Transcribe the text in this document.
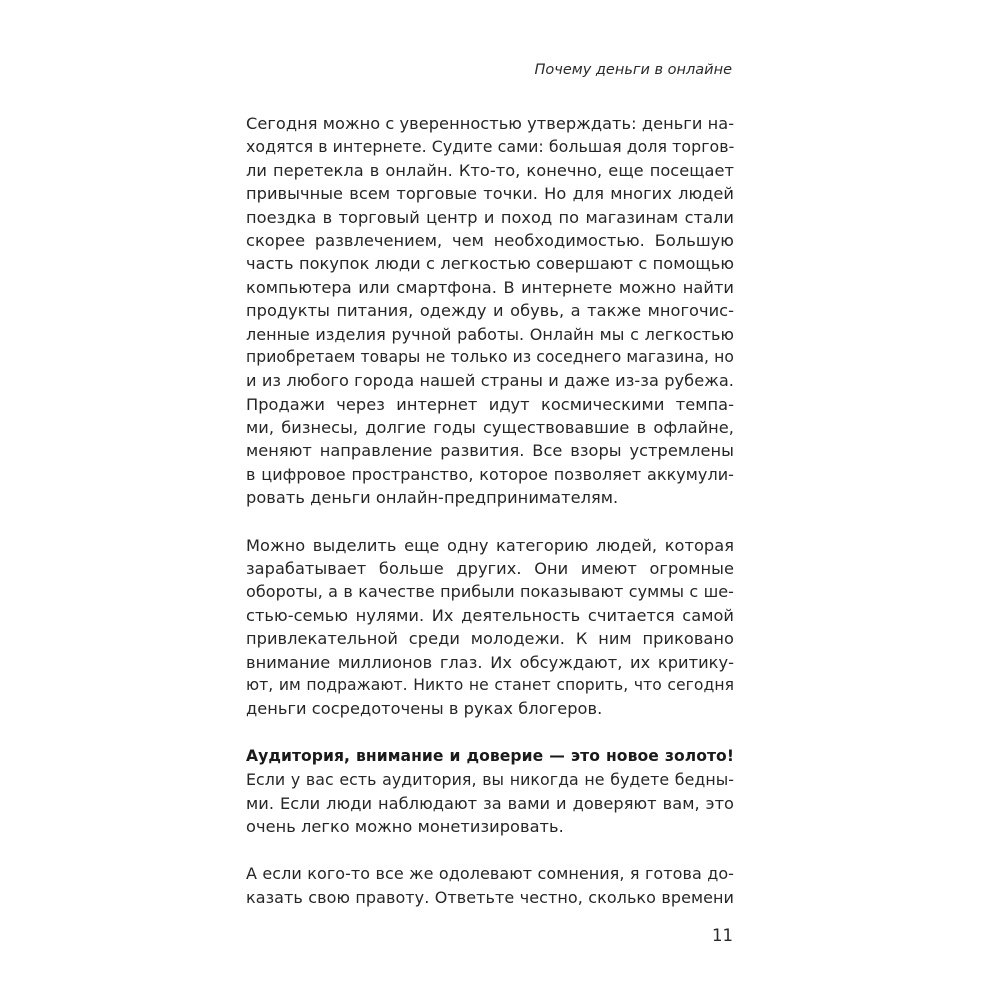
Почему деньги в онлайне
Сегодня можно с уверенностью утверждать: деньги на-
ходятся в интернете. Судите сами: большая доля торгов-
ли перетекла в онлайн. Кто-то, конечно, еще посещает
привычные всем торговые точки. Но для многих людей
поездка в торговый центр и поход по магазинам стали
скорее развлечением, чем необходимостью. Большую
часть покупок люди с легкостью совершают с помощью
компьютера или смартфона. В интернете можно найти
продукты питания, одежду и обувь, а также многочис-
ленные изделия ручной работы. Онлайн мы с легкостью
приобретаем товары не только из соседнего магазина, но
и из любого города нашей страны и даже из-за рубежа.
Продажи через интернет идут космическими темпа-
ми, бизнесы, долгие годы существовавшие в офлайне,
меняют направление развития. Все взоры устремлены
в цифровое пространство, которое позволяет аккумули-
ровать деньги онлайн-предпринимателям.
Можно выделить еще одну категорию людей, которая
зарабатывает больше других. Они имеют огромные
обороты, а в качестве прибыли показывают суммы с ше-
стью-семью нулями. Их деятельность считается самой
привлекательной среди молодежи. К ним приковано
внимание миллионов глаз. Их обсуждают, их критику-
ют, им подражают. Никто не станет спорить, что сегодня
деньги сосредоточены в руках блогеров.
Аудитория, внимание и доверие — это новое золото!
Если у вас есть аудитория, вы никогда не будете бедны-
ми. Если люди наблюдают за вами и доверяют вам, это
очень легко можно монетизировать.
А если кого-то все же одолевают сомнения, я готова до-
казать свою правоту. Ответьте честно, сколько времени
11
